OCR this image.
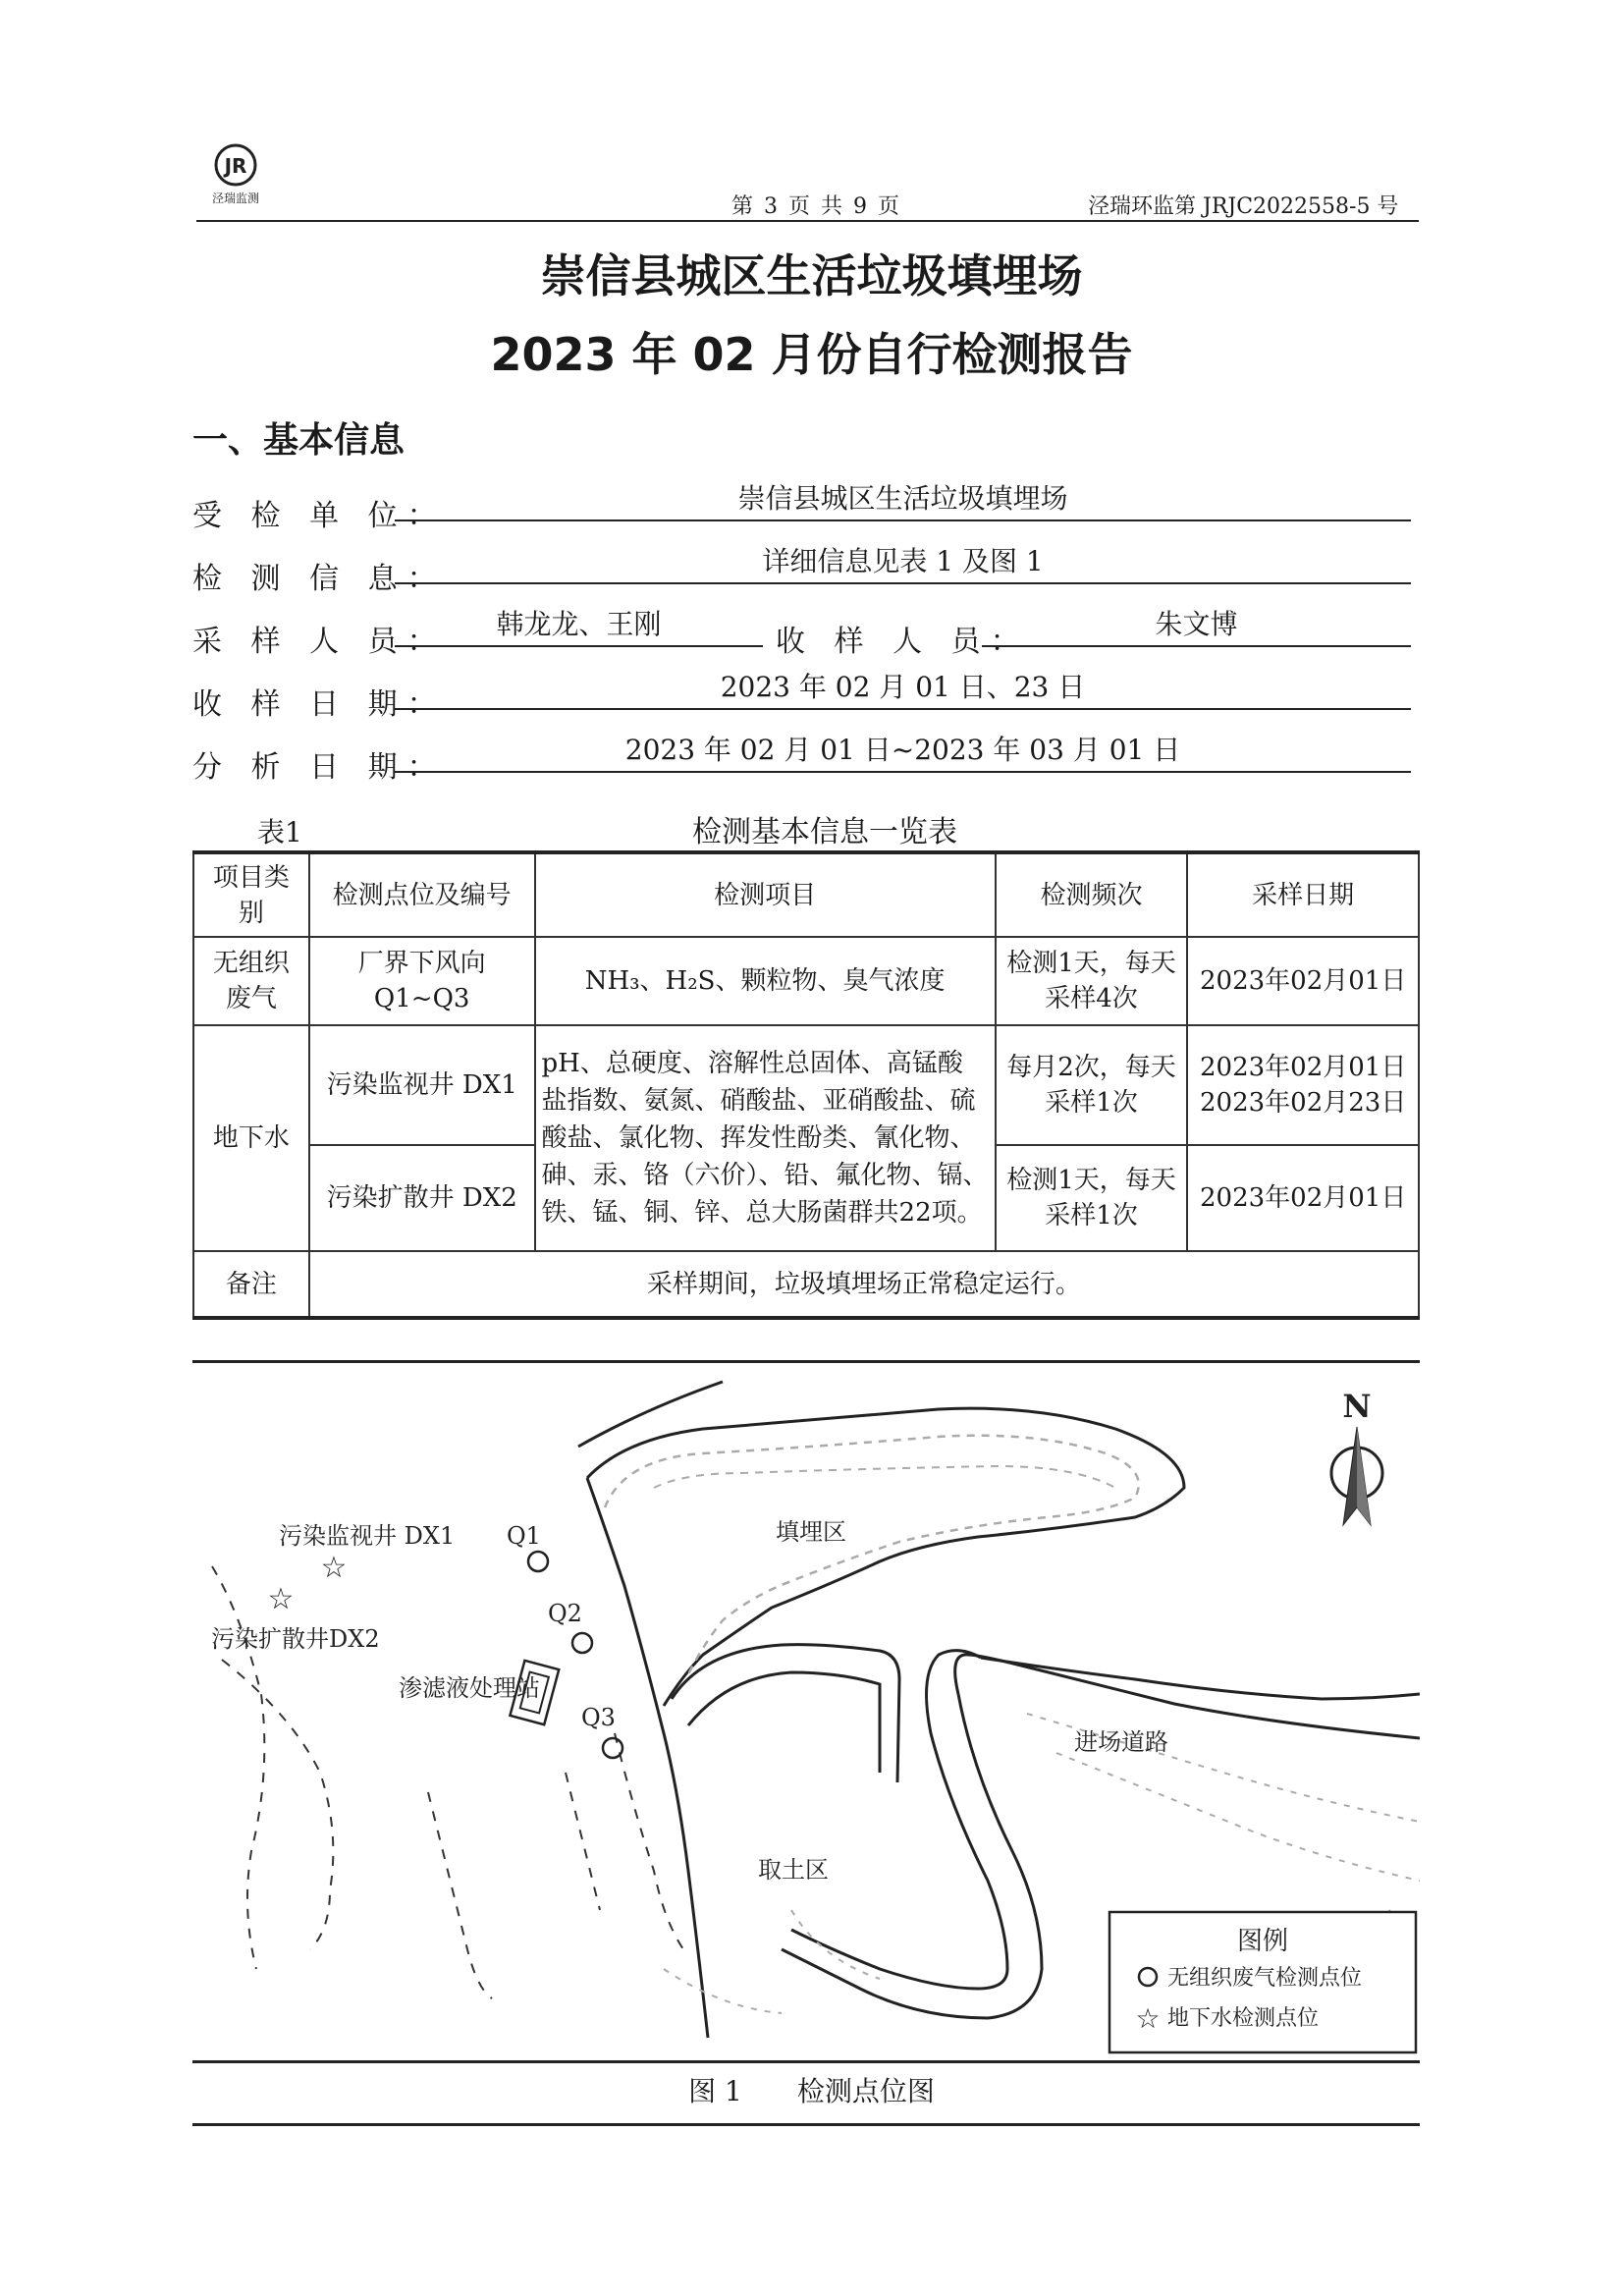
JR
泾瑞监测	第 3 页 共 9 页	泾瑞环监第 JRJC2022558-5 号
崇信县城区生活垃圾填埋场
2023 年 02 月份自行检测报告
一、基本信息
受 检 单 位：
崇信县城区生活垃圾填埋场
检 测 信 息：
详细信息见表 1 及图 1
采 样 人 员：
韩龙龙、王刚
收 样 人 员：
朱文博
收 样 日 期：
2023 年 02 月 01 日、23 日
分 析 日 期：
2023 年 02 月 01 日~2023 年 03 月 01 日
表1	检测基本信息一览表
项目类别	检测点位及编号	检测项目	检测频次	采样日期
无组织废气	厂界下风向 Q1~Q3	NH₃、H₂S、颗粒物、臭气浓度	检测1天，每天采样4次	2023年02月01日
地下水	污染监视井 DX1	pH、总硬度、溶解性总固体、高锰酸盐指数、氨氮、硝酸盐、亚硝酸盐、硫酸盐、氯化物、挥发性酚类、氰化物、砷、汞、铬（六价）、铅、氟化物、镉、铁、锰、铜、锌、总大肠菌群共22项。	每月2次，每天采样1次	2023年02月01日
2023年02月23日

	污染扩散井 DX2		检测1天，每天采样1次	2023年02月01日
备注	采样期间，垃圾填埋场正常稳定运行。			
N
☆
☆
污染监视井 DX1
污染扩散井DX2
Q1
Q2
Q3
渗滤液处理站
填埋区
进场道路
取土区
图例
无组织废气检测点位
☆ 地下水检测点位
图 1　　检测点位图
